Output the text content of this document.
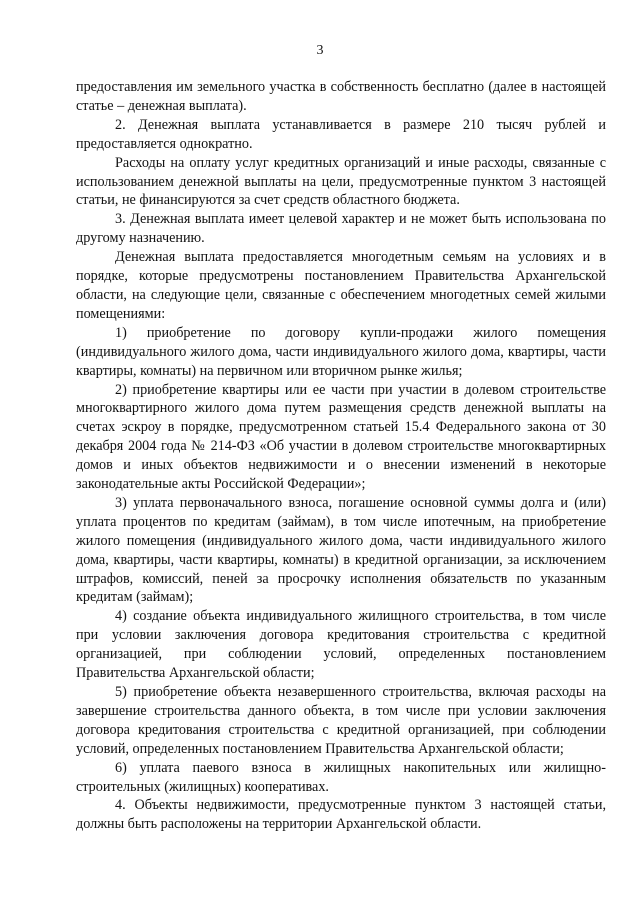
3

предоставления им земельного участка в собственность бесплатно (далее в настоящей статье – денежная выплата).

2. Денежная выплата устанавливается в размере 210 тысяч рублей и предоставляется однократно.

Расходы на оплату услуг кредитных организаций и иные расходы, связанные с использованием денежной выплаты на цели, предусмотренные пунктом 3 настоящей статьи, не финансируются за счет средств областного бюджета.

3. Денежная выплата имеет целевой характер и не может быть использована по другому назначению.

Денежная выплата предоставляется многодетным семьям на условиях и в порядке, которые предусмотрены постановлением Правительства Архангельской области, на следующие цели, связанные с обеспечением многодетных семей жилыми помещениями:

1) приобретение по договору купли-продажи жилого помещения (индивидуального жилого дома, части индивидуального жилого дома, квартиры, части квартиры, комнаты) на первичном или вторичном рынке жилья;

2) приобретение квартиры или ее части при участии в долевом строительстве многоквартирного жилого дома путем размещения средств денежной выплаты на счетах эскроу в порядке, предусмотренном статьей 15.4 Федерального закона от 30 декабря 2004 года № 214-ФЗ «Об участии в долевом строительстве многоквартирных домов и иных объектов недвижимости и о внесении изменений в некоторые законодательные акты Российской Федерации»;

3) уплата первоначального взноса, погашение основной суммы долга и (или) уплата процентов по кредитам (займам), в том числе ипотечным, на приобретение жилого помещения (индивидуального жилого дома, части индивидуального жилого дома, квартиры, части квартиры, комнаты) в кредитной организации, за исключением штрафов, комиссий, пеней за просрочку исполнения обязательств по указанным кредитам (займам);

4) создание объекта индивидуального жилищного строительства, в том числе при условии заключения договора кредитования строительства с кредитной организацией, при соблюдении условий, определенных постановлением Правительства Архангельской области;

5) приобретение объекта незавершенного строительства, включая расходы на завершение строительства данного объекта, в том числе при условии заключения договора кредитования строительства с кредитной организацией, при соблюдении условий, определенных постановлением Правительства Архангельской области;

6) уплата паевого взноса в жилищных накопительных или жилищно-строительных (жилищных) кооперативах.

4. Объекты недвижимости, предусмотренные пунктом 3 настоящей статьи, должны быть расположены на территории Архангельской области.
